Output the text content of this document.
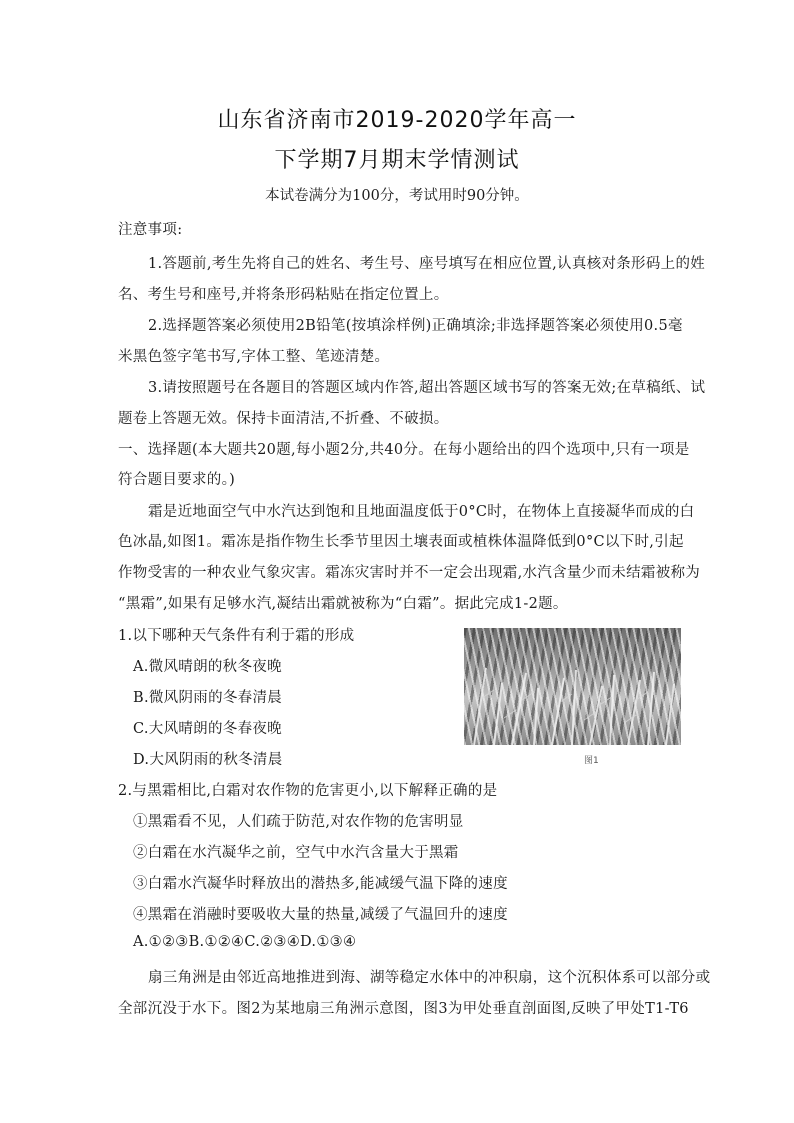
山东省济南市2019-2020学年高一
下学期7月期末学情测试
本试卷满分为100分，考试用时90分钟。
注意事项:
1.答题前,考生先将自己的姓名、考生号、座号填写在相应位置,认真核对条形码上的姓
名、考生号和座号,并将条形码粘贴在指定位置上。
2.选择题答案必须使用2B铅笔(按填涂样例)正确填涂;非选择题答案必须使用0.5毫
米黑色签字笔书写,字体工整、笔迹清楚。
3.请按照题号在各题目的答题区域内作答,超出答题区域书写的答案无效;在草稿纸、试
题卷上答题无效。保持卡面清洁,不折叠、不破损。
一、选择题(本大题共20题,每小题2分,共40分。在每小题给出的四个选项中,只有一项是
符合题目要求的。)
霜是近地面空气中水汽达到饱和且地面温度低于0°C时，在物体上直接凝华而成的白
色冰晶,如图1。霜冻是指作物生长季节里因土壤表面或植株体温降低到0°C以下时,引起
作物受害的一种农业气象灾害。霜冻灾害时并不一定会出现霜,水汽含量少而未结霜被称为
“黑霜”,如果有足够水汽,凝结出霜就被称为“白霜”。据此完成1-2题。
1.以下哪种天气条件有利于霜的形成
A.微风晴朗的秋冬夜晚
B.微风阴雨的冬春清晨
C.大风晴朗的冬春夜晚
D.大风阴雨的秋冬清晨	图1
2.与黑霜相比,白霜对农作物的危害更小,以下解释正确的是
①黑霜看不见，人们疏于防范,对农作物的危害明显
②白霜在水汽凝华之前，空气中水汽含量大于黑霜
③白霜水汽凝华时释放出的潜热多,能减缓气温下降的速度
④黑霜在消融时要吸收大量的热量,减缓了气温回升的速度
A.①②③B.①②④C.②③④D.①③④
扇三角洲是由邻近高地推进到海、湖等稳定水体中的冲积扇，这个沉积体系可以部分或
全部沉没于水下。图2为某地扇三角洲示意图，图3为甲处垂直剖面图,反映了甲处T1-T6
